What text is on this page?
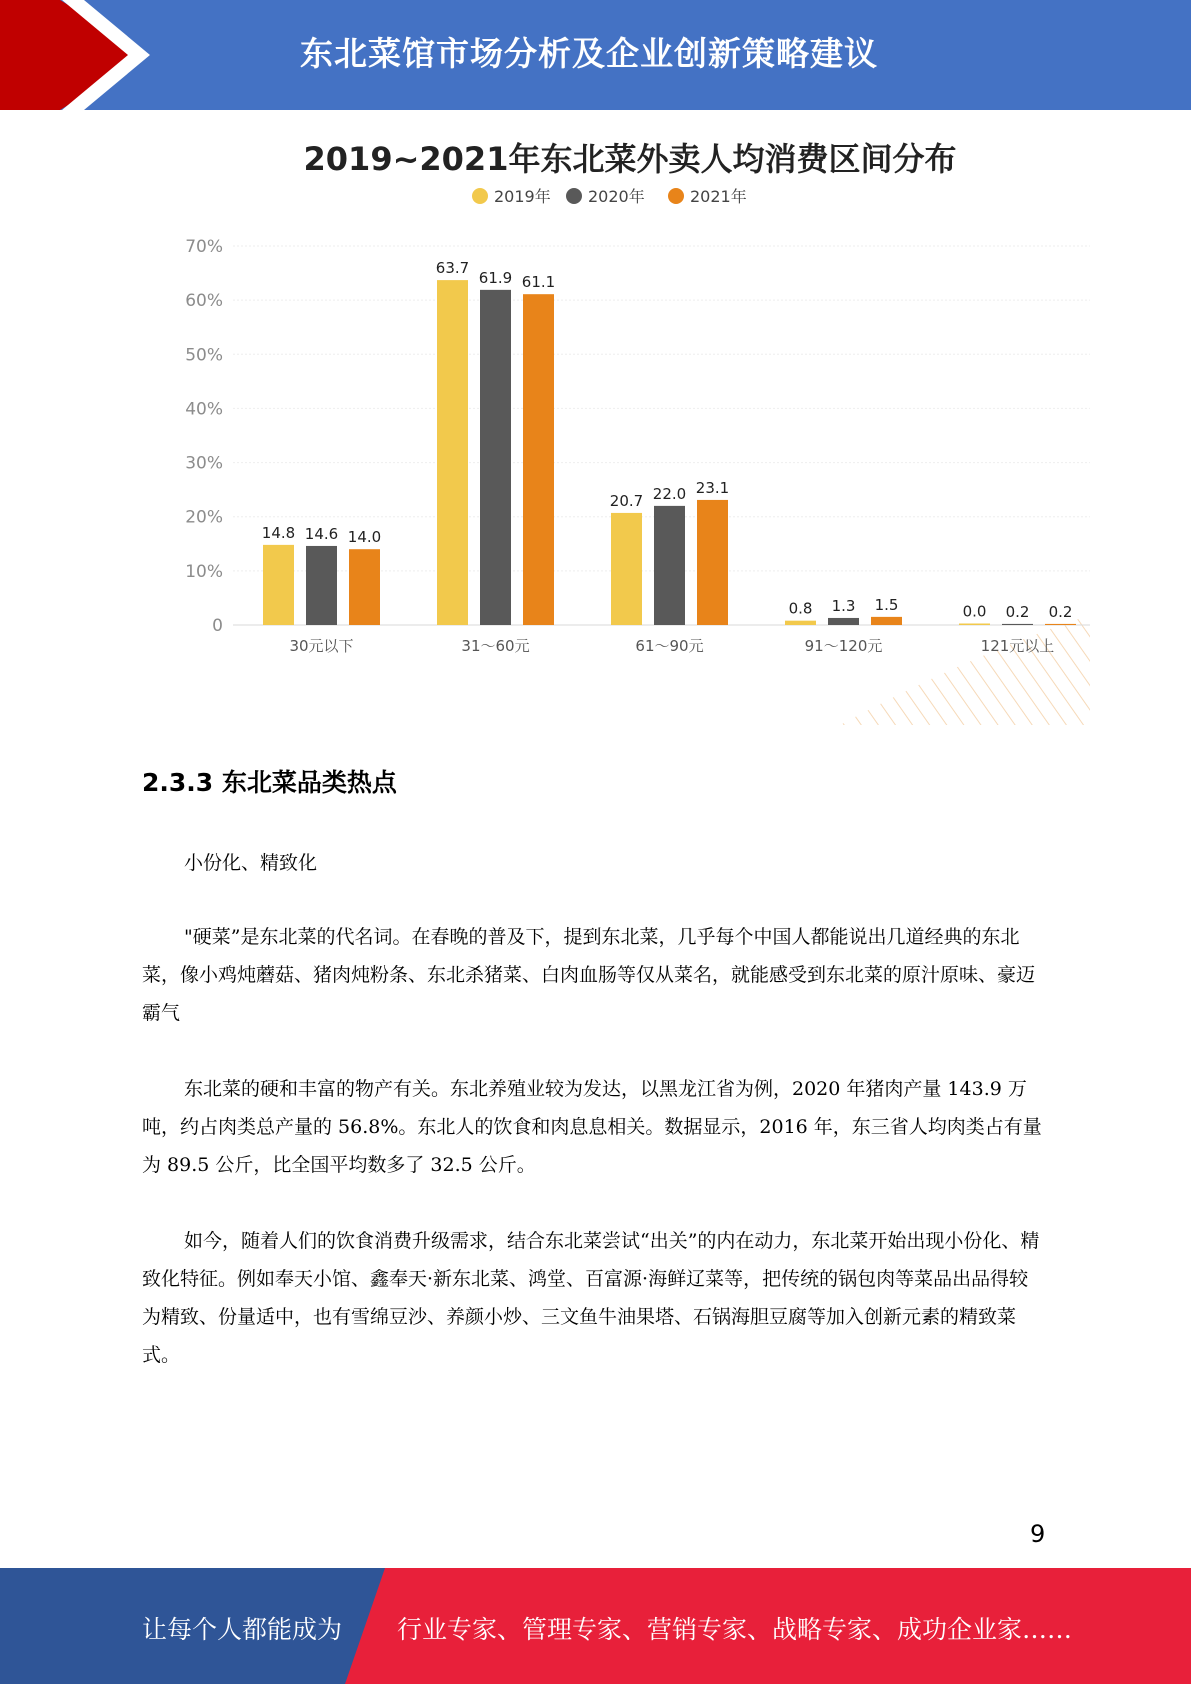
东北菜馆市场分析及企业创新策略建议
2019~2021年东北菜外卖人均消费区间分布
2019年 2020年	2021年
0
10%
20%
30%
40%
50%
60%
70%
14.8 14.6 14.0
63.7
61.9 61.1
20.7 22.0 23.1
0.8 1.3 1.5	0.0 0.2 0.2
30元以下	31～60元	61～90元	91～120元	121元以上
2.3.3 东北菜品类热点
小份化、精致化
"硬菜”是东北菜的代名词。在春晚的普及下，提到东北菜，几乎每个中国人都能说出几道经典的东北菜，像小鸡炖蘑菇、猪肉炖粉条、东北杀猪菜、白肉血肠等仅从菜名，就能感受到东北菜的原汁原味、豪迈霸气
东北菜的硬和丰富的物产有关。东北养殖业较为发达，以黑龙江省为例，2020 年猪肉产量 143.9 万吨，约占肉类总产量的 56.8%。东北人的饮食和肉息息相关。数据显示，2016 年，东三省人均肉类占有量为 89.5 公斤，比全国平均数多了 32.5 公斤。
如今，随着人们的饮食消费升级需求，结合东北菜尝试“出关”的内在动力，东北菜开始出现小份化、精致化特征。例如奉天小馆、鑫奉天·新东北菜、鸿堂、百富源·海鲜辽菜等，把传统的锅包肉等菜品出品得较为精致、份量适中，也有雪绵豆沙、养颜小炒、三文鱼牛油果塔、石锅海胆豆腐等加入创新元素的精致菜式。
9
让每个人都能成为 行业专家、管理专家、营销专家、战略专家、成功企业家……
